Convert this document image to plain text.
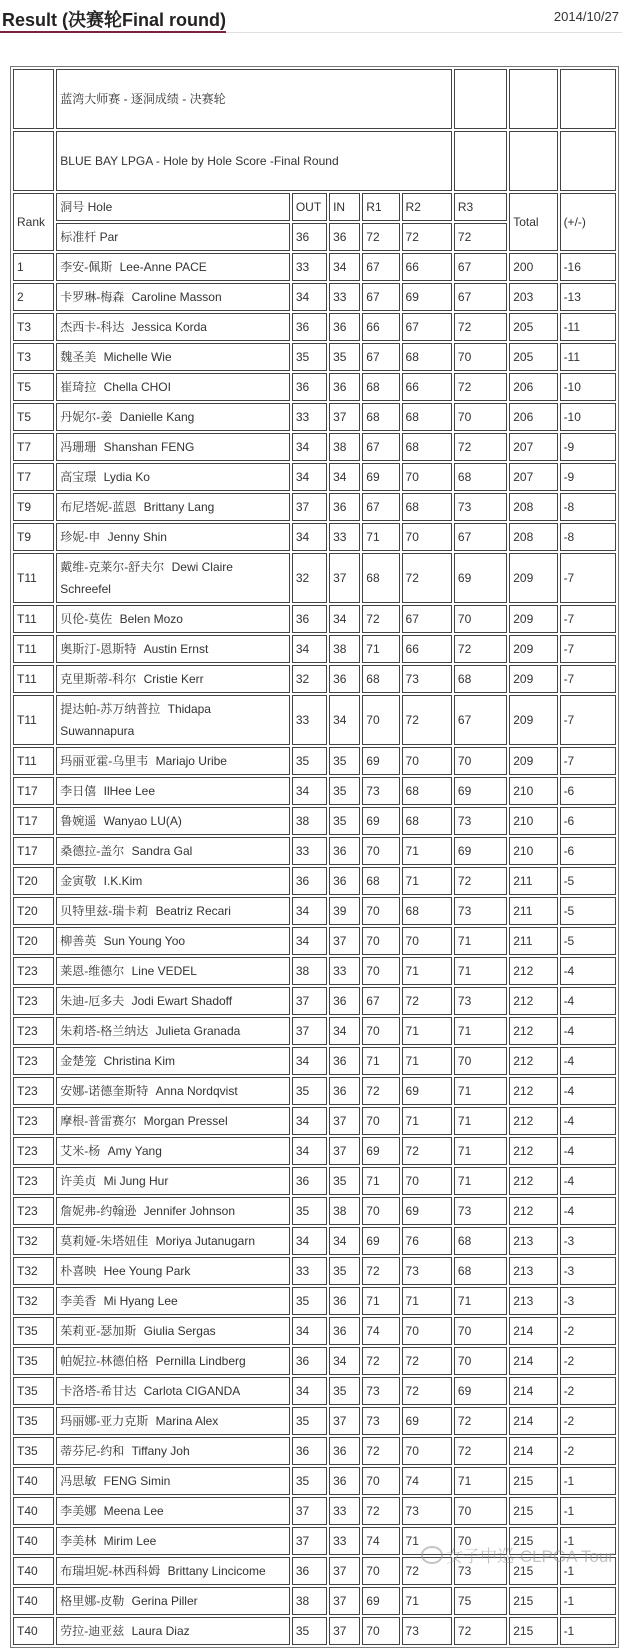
Result (决赛轮Final round)	2014/10/27
	蓝湾大师赛 - 逐洞成绩 - 决赛轮							
	BLUE BAY LPGA - Hole by Hole Score -Final Round							
Rank	洞号 Hole	OUT	IN	R1	R2	R3	Total	(+/-)
	标准杆 Par	36	36	72	72	72		
1	李安-佩斯 Lee-Anne PACE	33	34	67	66	67	200	-16
2	卡罗琳-梅森 Caroline Masson	34	33	67	69	67	203	-13
T3	杰西卡-科达 Jessica Korda	36	36	66	67	72	205	-11
T3	魏圣美 Michelle Wie	35	35	67	68	70	205	-11
T5	崔琦拉 Chella CHOI	36	36	68	66	72	206	-10
T5	丹妮尔-姜 Danielle Kang	33	37	68	68	70	206	-10
T7	冯珊珊 Shanshan FENG	34	38	67	68	72	207	-9
T7	高宝璟 Lydia Ko	34	34	69	70	68	207	-9
T9	布尼塔妮-蓝恩 Brittany Lang	37	36	67	68	73	208	-8
T9	珍妮-申 Jenny Shin	34	33	71	70	67	208	-8
T11	戴维-克莱尔-舒夫尔 Dewi Claire Schreefel	32	37	68	72	69	209	-7
T11	贝伦-莫佐 Belen Mozo	36	34	72	67	70	209	-7
T11	奥斯汀-恩斯特 Austin Ernst	34	38	71	66	72	209	-7
T11	克里斯蒂-科尔 Cristie Kerr	32	36	68	73	68	209	-7
T11	提达帕-苏万纳普拉 Thidapa Suwannapura	33	34	70	72	67	209	-7
T11	玛丽亚霍-乌里韦 Mariajo Uribe	35	35	69	70	70	209	-7
T17	李日僖 IlHee Lee	34	35	73	68	69	210	-6
T17	鲁婉遥 Wanyao LU(A)	38	35	69	68	73	210	-6
T17	桑德拉-盖尔 Sandra Gal	33	36	70	71	69	210	-6
T20	金寅敬 I.K.Kim	36	36	68	71	72	211	-5
T20	贝特里兹-瑞卡莉 Beatriz Recari	34	39	70	68	73	211	-5
T20	柳善英 Sun Young Yoo	34	37	70	70	71	211	-5
T23	莱恩-维德尔 Line VEDEL	38	33	70	71	71	212	-4
T23	朱迪-厄多夫 Jodi Ewart Shadoff	37	36	67	72	73	212	-4
T23	朱莉塔-格兰纳达 Julieta Granada	37	34	70	71	71	212	-4
T23	金楚笼 Christina Kim	34	36	71	71	70	212	-4
T23	安娜-诺德奎斯特 Anna Nordqvist	35	36	72	69	71	212	-4
T23	摩根-普雷赛尔 Morgan Pressel	34	37	70	71	71	212	-4
T23	艾米-杨 Amy Yang	34	37	69	72	71	212	-4
T23	许美贞 Mi Jung Hur	36	35	71	70	71	212	-4
T23	詹妮弗-约翰逊 Jennifer Johnson	35	38	70	69	73	212	-4
T32	莫莉娅-朱塔妞佳 Moriya Jutanugarn	34	34	69	76	68	213	-3
T32	朴喜映 Hee Young Park	33	35	72	73	68	213	-3
T32	李美香 Mi Hyang Lee	35	36	71	71	71	213	-3
T35	茱莉亚-瑟加斯 Giulia Sergas	34	36	74	70	70	214	-2
T35	帕妮拉-林德伯格 Pernilla Lindberg	36	34	72	72	70	214	-2
T35	卡洛塔-希甘达 Carlota CIGANDA	34	35	73	72	69	214	-2
T35	玛丽娜-亚力克斯 Marina Alex	35	37	73	69	72	214	-2
T35	蒂芬尼-约和 Tiffany Joh	36	36	72	70	72	214	-2
T40	冯思敏 FENG Simin	35	36	70	74	71	215	-1
T40	李美娜 Meena Lee	37	33	72	73	70	215	-1
T40	李美林 Mirim Lee	37	33	74	71	70	215	-1
T40	布瑞坦妮-林西科姆 Brittany Lincicome	36	37	70	72	73	215	-1
T40	格里娜-皮勒 Gerina Piller	38	37	69	71	75	215	-1
T40	劳拉-迪亚兹 Laura Diaz	35	37	70	73	72	215	-1
女子中巡-CLPGA Tour
